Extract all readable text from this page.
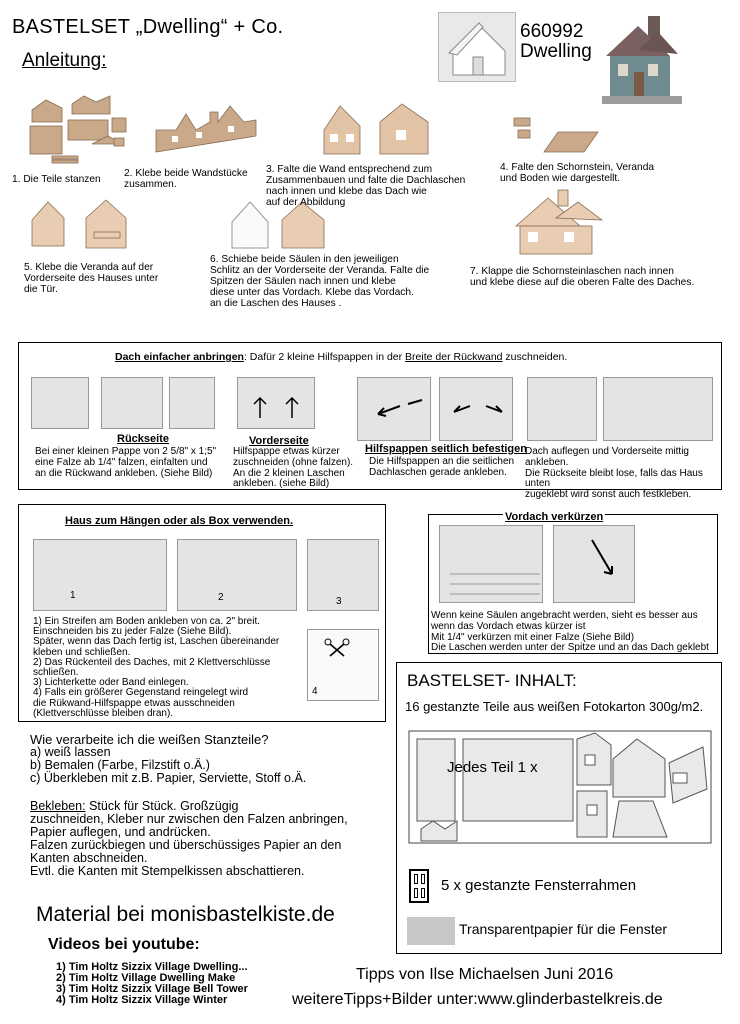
BASTELSET „Dwelling“ + Co.
Anleitung:
660992
Dwelling
1. Die Teile stanzen
2. Klebe beide Wandstücke
zusammen.
3. Falte die Wand entsprechend zum
Zusammenbauen und falte die Dachlaschen
nach innen und klebe das Dach wie
auf der Abbildung
4. Falte den Schornstein, Veranda
und Boden wie dargestellt.
5. Klebe die Veranda auf der
Vorderseite des Hauses unter
die Tür.
6. Schiebe beide Säulen in den jeweiligen
Schlitz an der Vorderseite der Veranda. Falte die
Spitzen der Säulen nach innen und klebe
diese unter das Vordach. Klebe das Vordach.
an die Laschen des Hauses .
7. Klappe die Schornsteinlaschen nach innen
und klebe diese auf die oberen Falte des Daches.
Dach einfacher anbringen: Dafür 2 kleine Hilfspappen in der Breite der Rückwand zuschneiden.
Rückseite
Bei einer kleinen Pappe von 2 5/8" x 1;5"
eine Falze ab 1/4" falzen, einfalten und
an die Rückwand ankleben. (Siehe Bild)
Vorderseite
Hilfspappe etwas kürzer
zuschneiden (ohne falzen).
An die 2 kleinen Laschen
ankleben. (siehe Bild)
Hilfspappen seitlich befestigen
Die Hilfspappen an die seitlichen
Dachlaschen gerade ankleben.
Dach auflegen und Vorderseite mittig ankleben.
Die Rückseite bleibt lose, falls das Haus unten
zugeklebt wird sonst auch festkleben.
Haus zum Hängen oder als Box verwenden.
1	2	3
1) Ein Streifen am Boden ankleben von ca. 2" breit.
Einschneiden bis zu jeder Falze (Siehe Bild).
Später, wenn das Dach fertig ist, Laschen übereinander
kleben und schließen.
2) Das Rückenteil des Daches, mit 2 Klettverschlüsse
schließen.
3) Lichterkette oder Band einlegen.
4) Falls ein größerer Gegenstand reingelegt wird
die Rükwand-Hilfspappe etwas ausschneiden
(Klettverschlüsse bleiben dran).
4
Vordach verkürzen
Wenn keine Säulen angebracht werden, sieht es besser aus
wenn das Vordach etwas kürzer ist
Mit 1/4" verkürzen mit einer Falze (Siehe Bild)
Die Laschen werden unter der Spitze und an das Dach geklebt
Wie verarbeite ich die weißen Stanzteile?
a) weiß lassen
b) Bemalen (Farbe, Filzstift o.Ä.)
c) Überkleben mit z.B. Papier, Serviette, Stoff o.Ä.
Bekleben: Stück für Stück. Großzügig
zuschneiden, Kleber nur zwischen den Falzen anbringen,
Papier auflegen, und andrücken.
Falzen zurückbiegen und überschüssiges Papier an den
Kanten abschneiden.
Evtl. die Kanten mit Stempelkissen abschattieren.
Material bei monisbastelkiste.de
Videos bei youtube:
1) Tim Holtz Sizzix Village Dwelling...
2) Tim Holtz Village Dwelling Make
3) Tim Holtz Sizzix Village Bell Tower
4) Tim Holtz Sizzix Village Winter
BASTELSET- INHALT:
16 gestanzte Teile aus weißen Fotokarton 300g/m2.
Jedes Teil 1 x
5 x gestanzte Fensterrahmen
Transparentpapier für die Fenster
Tipps von Ilse Michaelsen Juni 2016
weitereTipps+Bilder unter:www.glinderbastelkreis.de
